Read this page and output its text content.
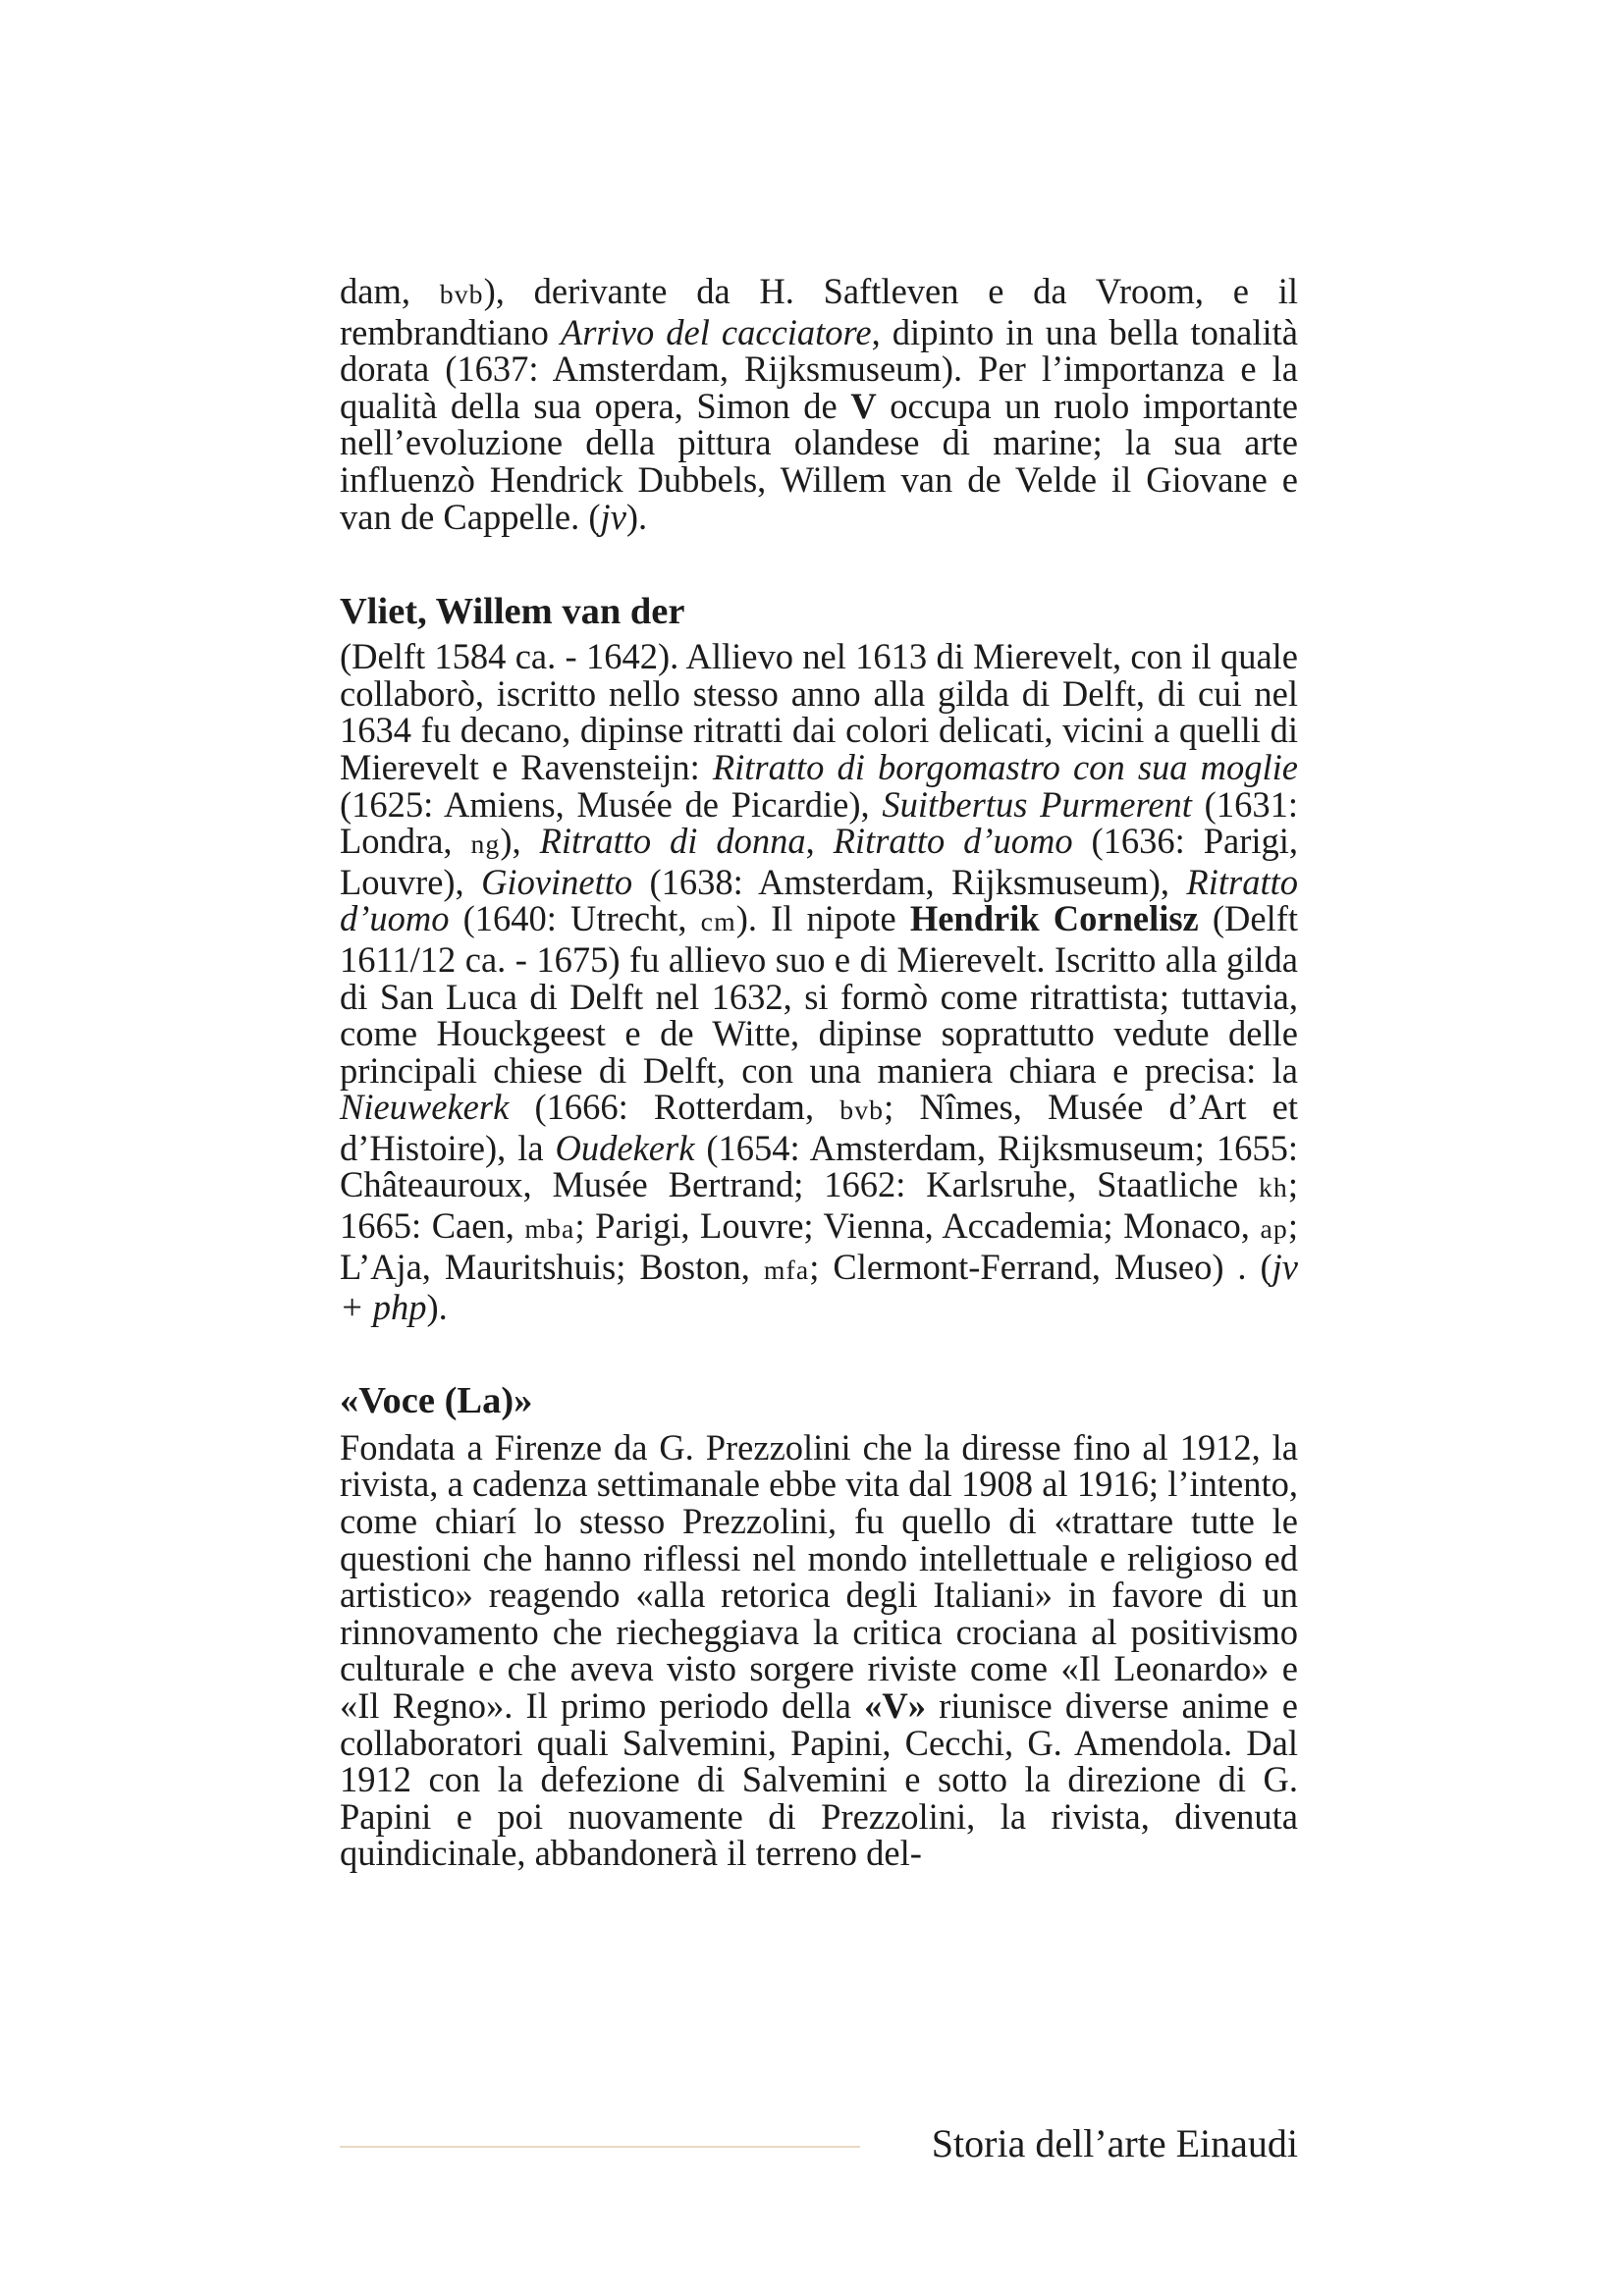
dam, bvb), derivante da H. Saftleven e da Vroom, e il rembrandtiano Arrivo del cacciatore, dipinto in una bella tonalità dorata (1637: Amsterdam, Rijksmuseum). Per l’importanza e la qualità della sua opera, Simon de V occupa un ruolo importante nell’evoluzione della pittura olandese di marine; la sua arte influenzò Hendrick Dubbels, Willem van de Velde il Giovane e van de Cappelle. (jv).

Vliet, Willem van der

(Delft 1584 ca. - 1642). Allievo nel 1613 di Mierevelt, con il quale collaborò, iscritto nello stesso anno alla gilda di Delft, di cui nel 1634 fu decano, dipinse ritratti dai colori delicati, vicini a quelli di Mierevelt e Ravensteijn: Ritratto di borgomastro con sua moglie (1625: Amiens, Musée de Picardie), Suitbertus Purmerent (1631: Londra, ng), Ritratto di donna, Ritratto d’uomo (1636: Parigi, Louvre), Giovinetto (1638: Amsterdam, Rijksmuseum), Ritratto d’uomo (1640: Utrecht, cm). Il nipote Hendrik Cornelisz (Delft 1611/12 ca. - 1675) fu allievo suo e di Mierevelt. Iscritto alla gilda di San Luca di Delft nel 1632, si formò come ritrattista; tuttavia, come Houckgeest e de Witte, dipinse soprattutto vedute delle principali chiese di Delft, con una maniera chiara e precisa: la Nieuwekerk (1666: Rotterdam, bvb; Nîmes, Musée d’Art et d’Histoire), la Oudekerk (1654: Amsterdam, Rijksmuseum; 1655: Châteauroux, Musée Bertrand; 1662: Karlsruhe, Staatliche kh; 1665: Caen, mba; Parigi, Louvre; Vienna, Accademia; Monaco, ap; L’Aja, Mauritshuis; Boston, mfa; Clermont-Ferrand, Museo) . (jv + php).

«Voce (La)»

Fondata a Firenze da G. Prezzolini che la diresse fino al 1912, la rivista, a cadenza settimanale ebbe vita dal 1908 al 1916; l’intento, come chiarí lo stesso Prezzolini, fu quello di «trattare tutte le questioni che hanno riflessi nel mondo intellettuale e religioso ed artistico» reagendo «alla retorica degli Italiani» in favore di un rinnovamento che riecheggiava la critica crociana al positivismo culturale e che aveva visto sorgere riviste come «Il Leonardo» e «Il Regno». Il primo periodo della «V» riunisce diverse anime e collaboratori quali Salvemini, Papini, Cecchi, G. Amendola. Dal 1912 con la defezione di Salvemini e sotto la direzione di G. Papini e poi nuovamente di Prezzolini, la rivista, divenuta quindicinale, abbandonerà il terreno del-

Storia dell’arte Einaudi
